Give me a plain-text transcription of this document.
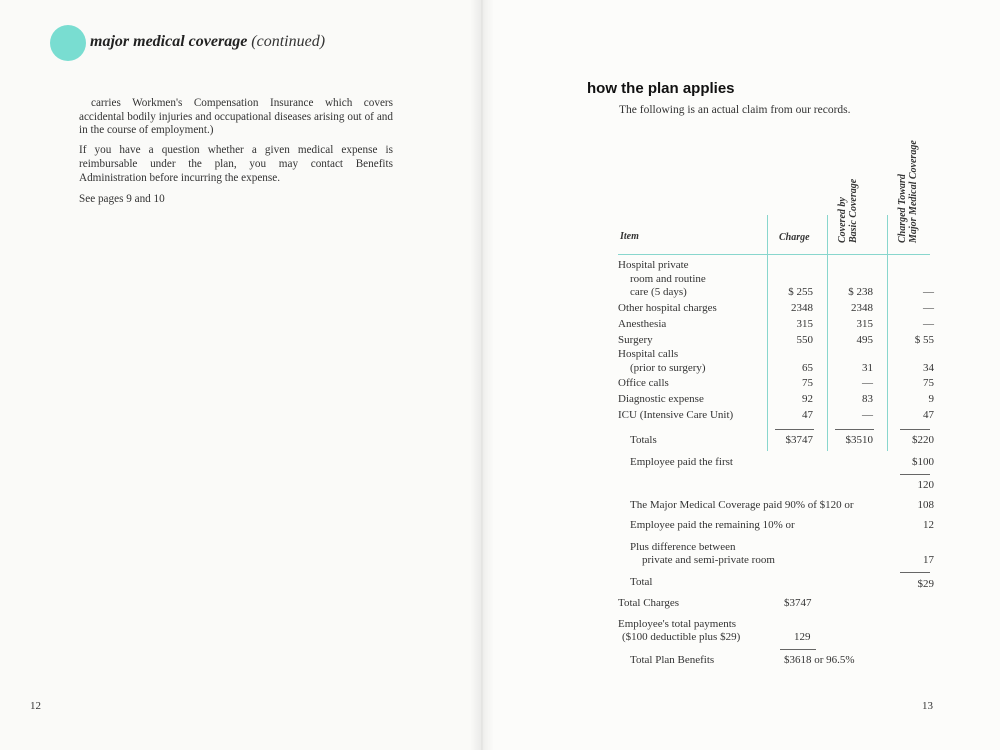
major medical coverage (continued)

carries Workmen's Compensation Insurance which covers accidental bodily injuries and occupational diseases arising out of and in the course of employment.)

If you have a question whether a given medical expense is reimbursable under the plan, you may contact Benefits Administration before incurring the expense.

See pages 9 and 10

12
how the plan applies
The following is an actual claim from our records.
Item	Charge	Covered by Basic Coverage	Charged Toward Major Medical Coverage
Hospital private
room and routine
care (5 days)	$ 255	$ 238	—
Other hospital charges	2348	2348	—
Anesthesia	315	315	—
Surgery	550	495	$ 55
Hospital calls
(prior to surgery)	65	31	34
Office calls	75	—	75
Diagnostic expense	92	83	9
ICU (Intensive Care Unit)	47	—	47
Totals	$3747	$3510	$220
Employee paid the first	$100
120
The Major Medical Coverage paid 90% of $120 or	108
Employee paid the remaining 10% or	12
Plus difference between
private and semi-private room	17
Total	$29
Total Charges	$3747
Employee's total payments
($100 deductible plus $29)	129
Total Plan Benefits	$3618 or 96.5%
13
